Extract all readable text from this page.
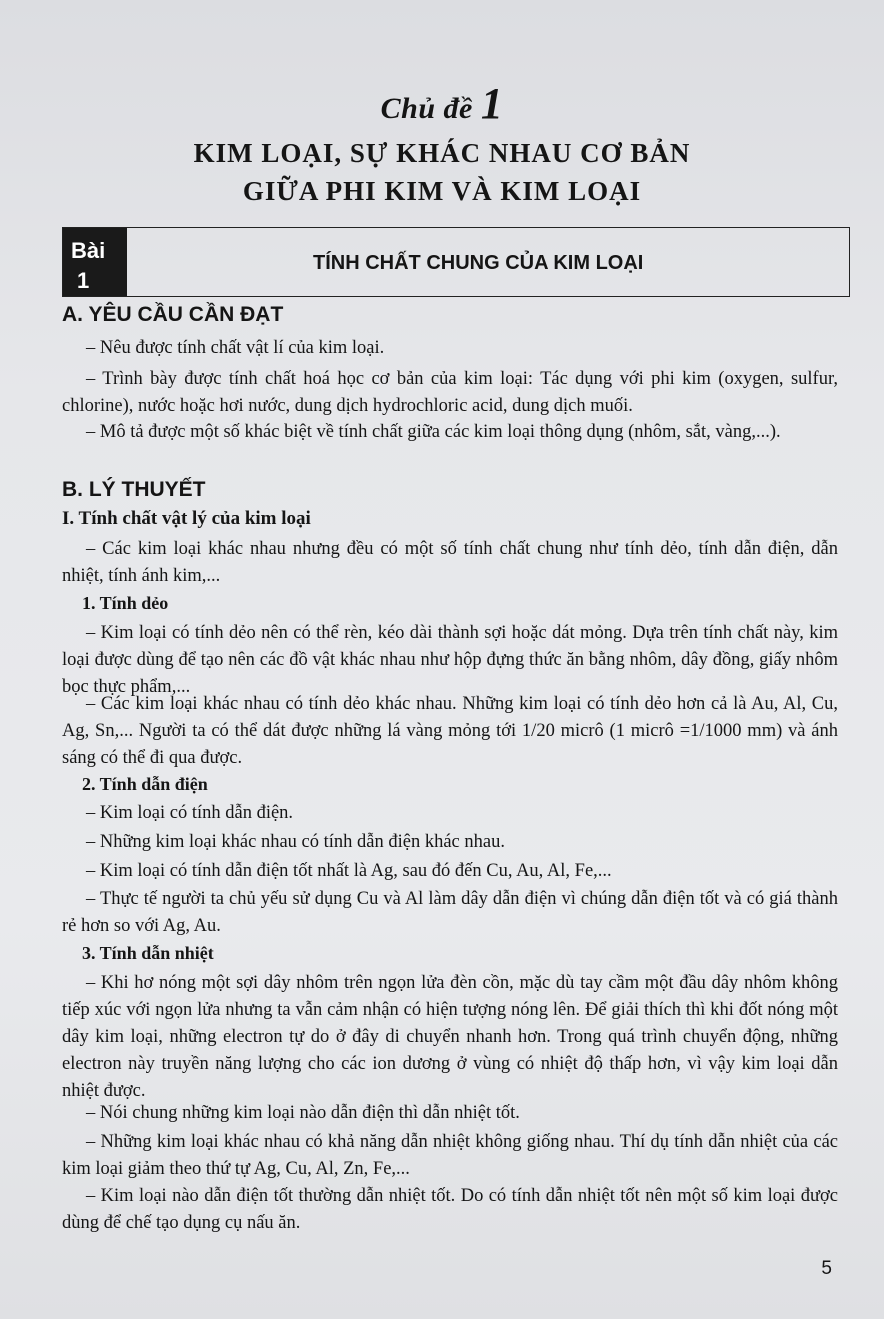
Chủ đề 1
KIM LOẠI, SỰ KHÁC NHAU CƠ BẢN
GIỮA PHI KIM VÀ KIM LOẠI
Bài
1
TÍNH CHẤT CHUNG CỦA KIM LOẠI
A. YÊU CẦU CẦN ĐẠT
– Nêu được tính chất vật lí của kim loại.
– Trình bày được tính chất hoá học cơ bản của kim loại: Tác dụng với phi kim (oxygen, sulfur, chlorine), nước hoặc hơi nước, dung dịch hydrochloric acid, dung dịch muối.
– Mô tả được một số khác biệt về tính chất giữa các kim loại thông dụng (nhôm, sắt, vàng,...).
B. LÝ THUYẾT
I. Tính chất vật lý của kim loại
– Các kim loại khác nhau nhưng đều có một số tính chất chung như tính dẻo, tính dẫn điện, dẫn nhiệt, tính ánh kim,...
1. Tính dẻo
– Kim loại có tính dẻo nên có thể rèn, kéo dài thành sợi hoặc dát mỏng. Dựa trên tính chất này, kim loại được dùng để tạo nên các đồ vật khác nhau như hộp đựng thức ăn bằng nhôm, dây đồng, giấy nhôm bọc thực phẩm,...
– Các kim loại khác nhau có tính dẻo khác nhau. Những kim loại có tính dẻo hơn cả là Au, Al, Cu, Ag, Sn,... Người ta có thể dát được những lá vàng mỏng tới 1/20 micrô (1 micrô =1/1000 mm) và ánh sáng có thể đi qua được.
2. Tính dẫn điện
– Kim loại có tính dẫn điện.
– Những kim loại khác nhau có tính dẫn điện khác nhau.
– Kim loại có tính dẫn điện tốt nhất là Ag, sau đó đến Cu, Au, Al, Fe,...
– Thực tế người ta chủ yếu sử dụng Cu và Al làm dây dẫn điện vì chúng dẫn điện tốt và có giá thành rẻ hơn so với Ag, Au.
3. Tính dẫn nhiệt
– Khi hơ nóng một sợi dây nhôm trên ngọn lửa đèn cồn, mặc dù tay cầm một đầu dây nhôm không tiếp xúc với ngọn lửa nhưng ta vẫn cảm nhận có hiện tượng nóng lên. Để giải thích thì khi đốt nóng một dây kim loại, những electron tự do ở đây di chuyển nhanh hơn. Trong quá trình chuyển động, những electron này truyền năng lượng cho các ion dương ở vùng có nhiệt độ thấp hơn, vì vậy kim loại dẫn nhiệt được.
– Nói chung những kim loại nào dẫn điện thì dẫn nhiệt tốt.
– Những kim loại khác nhau có khả năng dẫn nhiệt không giống nhau. Thí dụ tính dẫn nhiệt của các kim loại giảm theo thứ tự Ag, Cu, Al, Zn, Fe,...
– Kim loại nào dẫn điện tốt thường dẫn nhiệt tốt. Do có tính dẫn nhiệt tốt nên một số kim loại được dùng để chế tạo dụng cụ nấu ăn.
5
